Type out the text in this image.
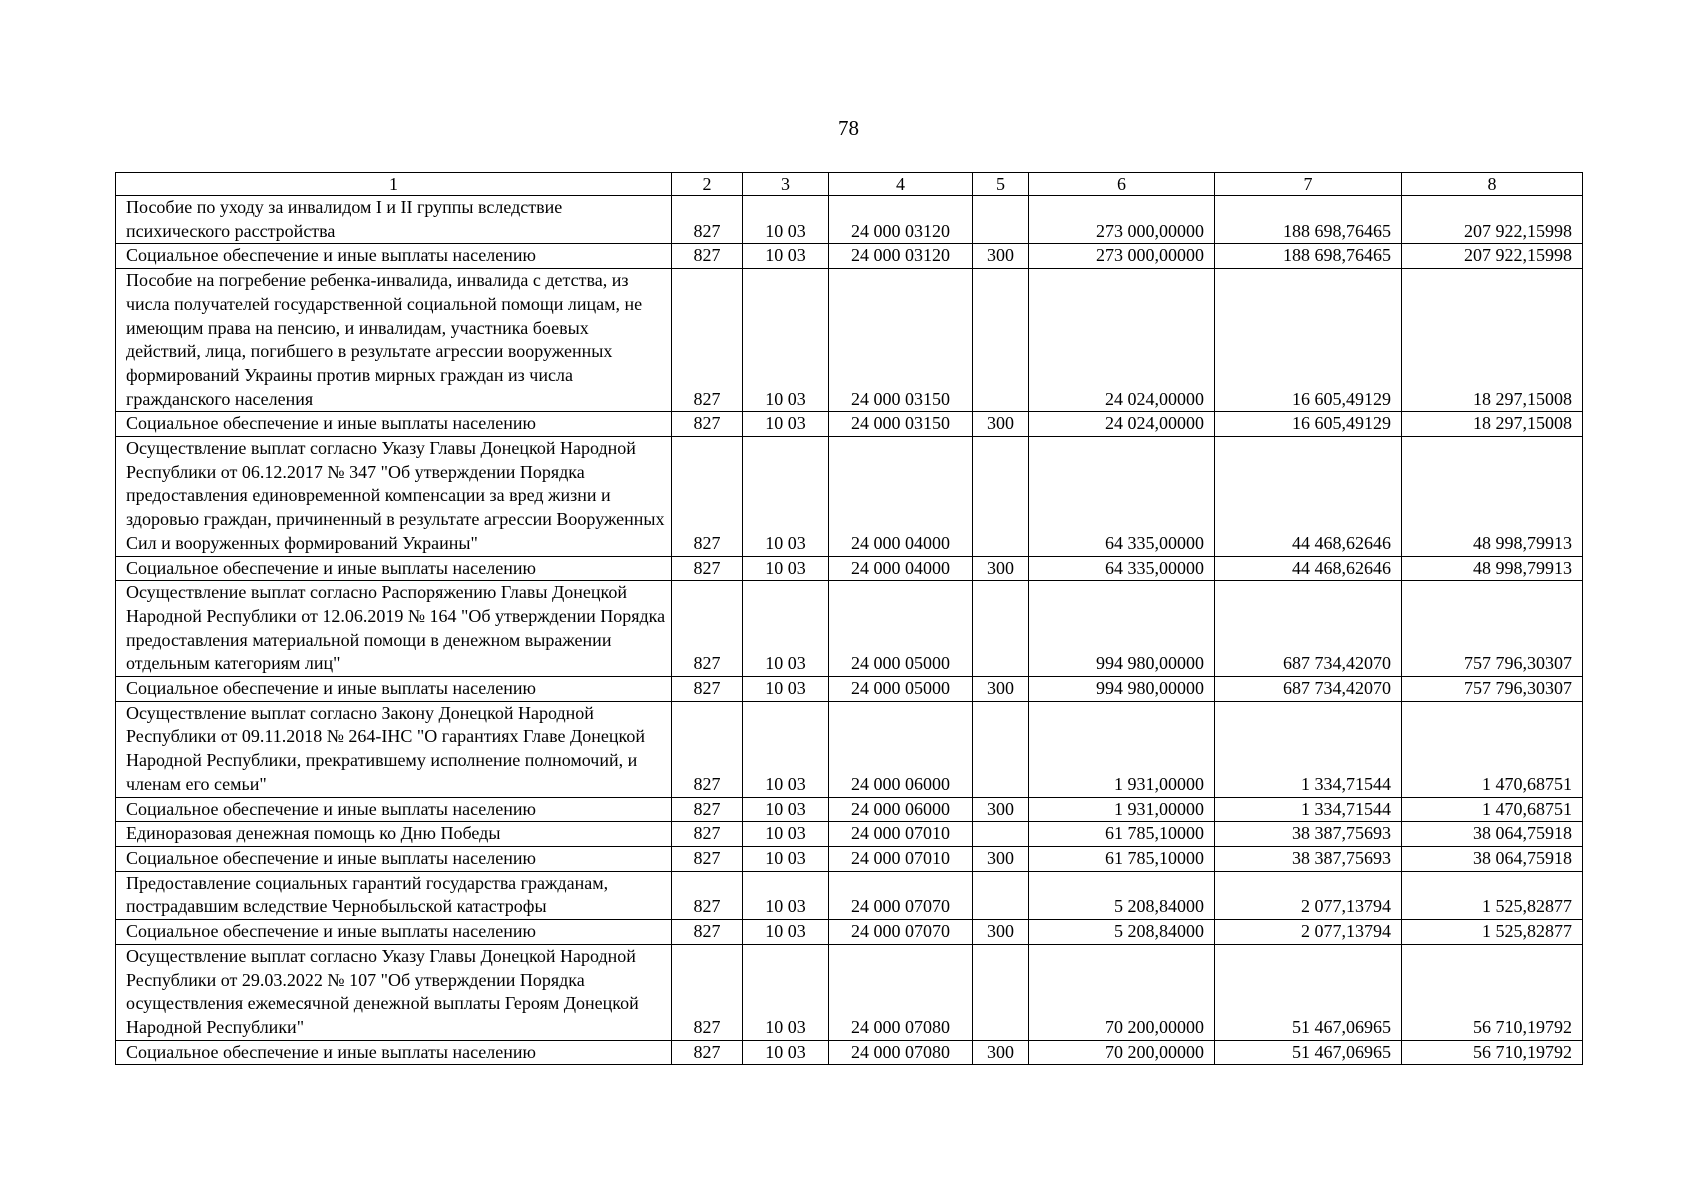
78
1	2	3	4	5	6	7	8
Пособие по уходу за инвалидом I и II группы вследствие психического расстройства	827	10 03	24 000 03120		273 000,00000	188 698,76465	207 922,15998
Социальное обеспечение и иные выплаты населению	827	10 03	24 000 03120	300	273 000,00000	188 698,76465	207 922,15998
Пособие на погребение ребенка-инвалида, инвалида с детства, из числа получателей государственной социальной помощи лицам, не имеющим права на пенсию, и инвалидам, участника боевых действий, лица, погибшего в результате агрессии вооруженных формирований Украины против мирных граждан из числа гражданского населения	827	10 03	24 000 03150		24 024,00000	16 605,49129	18 297,15008
Социальное обеспечение и иные выплаты населению	827	10 03	24 000 03150	300	24 024,00000	16 605,49129	18 297,15008
Осуществление выплат согласно Указу Главы Донецкой Народной Республики от 06.12.2017 № 347 "Об утверждении Порядка предоставления единовременной компенсации за вред жизни и здоровью граждан, причиненный в результате агрессии Вооруженных Сил и вооруженных формирований Украины"	827	10 03	24 000 04000		64 335,00000	44 468,62646	48 998,79913
Социальное обеспечение и иные выплаты населению	827	10 03	24 000 04000	300	64 335,00000	44 468,62646	48 998,79913
Осуществление выплат согласно Распоряжению Главы Донецкой Народной Республики от 12.06.2019 № 164 "Об утверждении Порядка предоставления материальной помощи в денежном выражении отдельным категориям лиц"	827	10 03	24 000 05000		994 980,00000	687 734,42070	757 796,30307
Социальное обеспечение и иные выплаты населению	827	10 03	24 000 05000	300	994 980,00000	687 734,42070	757 796,30307
Осуществление выплат согласно Закону Донецкой Народной Республики от 09.11.2018 № 264-IНС "О гарантиях Главе Донецкой Народной Республики, прекратившему исполнение полномочий, и членам его семьи"	827	10 03	24 000 06000		1 931,00000	1 334,71544	1 470,68751
Социальное обеспечение и иные выплаты населению	827	10 03	24 000 06000	300	1 931,00000	1 334,71544	1 470,68751
Единоразовая денежная помощь ко Дню Победы	827	10 03	24 000 07010		61 785,10000	38 387,75693	38 064,75918
Социальное обеспечение и иные выплаты населению	827	10 03	24 000 07010	300	61 785,10000	38 387,75693	38 064,75918
Предоставление социальных гарантий государства гражданам, пострадавшим вследствие Чернобыльской катастрофы	827	10 03	24 000 07070		5 208,84000	2 077,13794	1 525,82877
Социальное обеспечение и иные выплаты населению	827	10 03	24 000 07070	300	5 208,84000	2 077,13794	1 525,82877
Осуществление выплат согласно Указу Главы Донецкой Народной Республики от 29.03.2022 № 107 "Об утверждении Порядка осуществления ежемесячной денежной выплаты Героям Донецкой Народной Республики"	827	10 03	24 000 07080		70 200,00000	51 467,06965	56 710,19792
Социальное обеспечение и иные выплаты населению	827	10 03	24 000 07080	300	70 200,00000	51 467,06965	56 710,19792
